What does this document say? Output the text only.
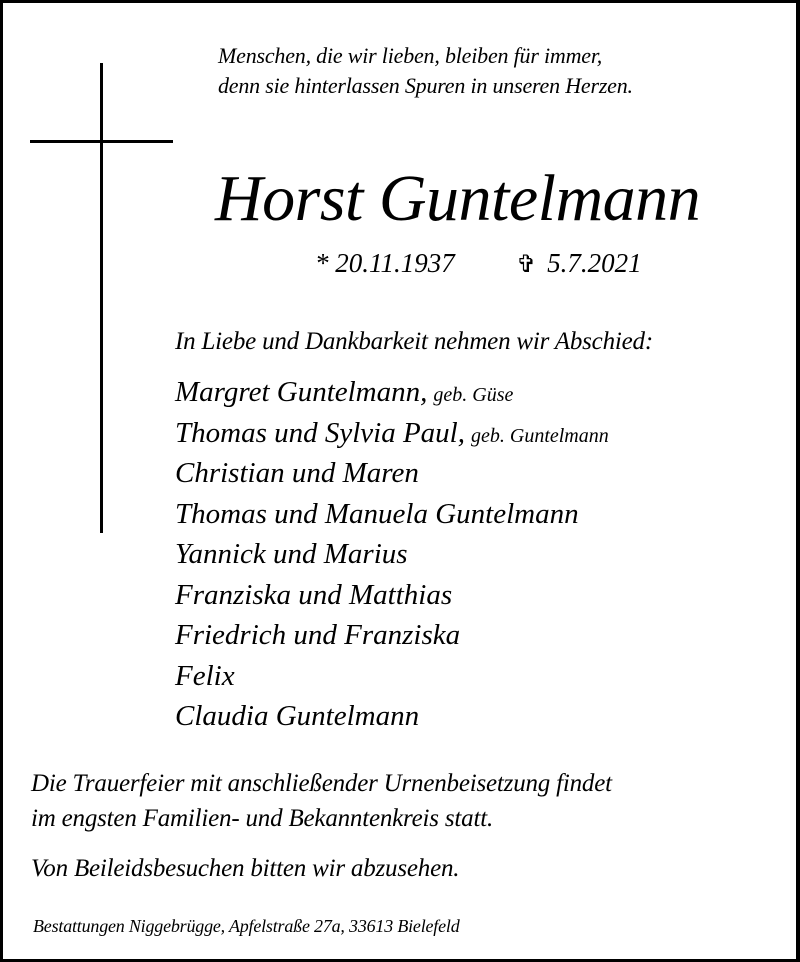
Menschen, die wir lieben, bleiben für immer,
denn sie hinterlassen Spuren in unseren Herzen.
Horst Guntelmann
* 20.11.1937	✞ 5.7.2021
In Liebe und Dankbarkeit nehmen wir Abschied:
Margret Guntelmann, geb. Güse
Thomas und Sylvia Paul, geb. Guntelmann
Christian und Maren
Thomas und Manuela Guntelmann
Yannick und Marius
Franziska und Matthias
Friedrich und Franziska
Felix
Claudia Guntelmann
Die Trauerfeier mit anschließender Urnenbeisetzung findet
im engsten Familien- und Bekanntenkreis statt.
Von Beileidsbesuchen bitten wir abzusehen.
Bestattungen Niggebrügge, Apfelstraße 27a, 33613 Bielefeld
